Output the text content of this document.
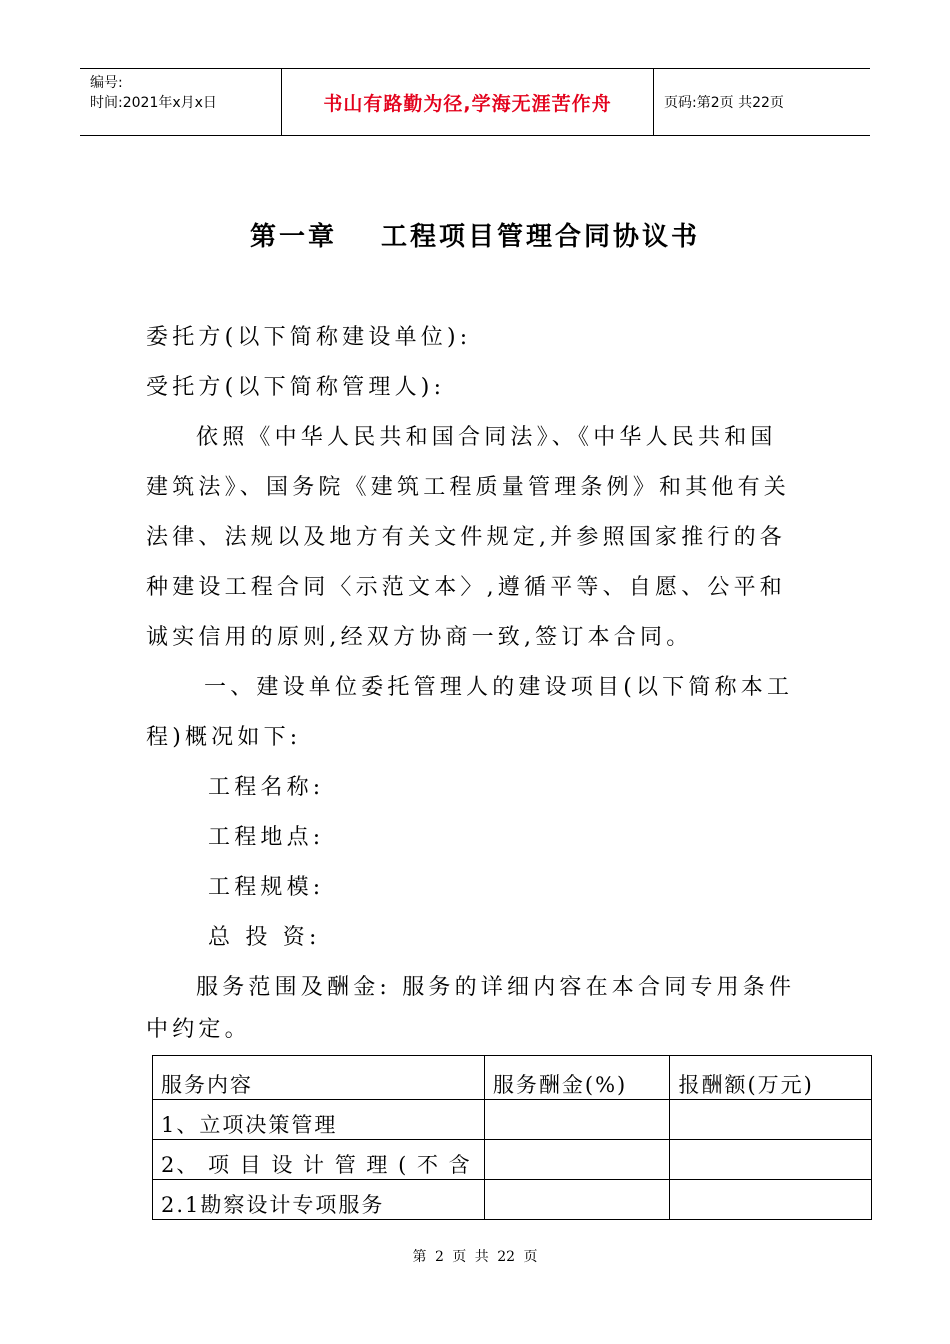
编号:
时间:2021年x月x日	书山有路勤为径,学海无涯苦作舟	页码:第2页 共22页
第一章 工程项目管理合同协议书
委托方(以下简称建设单位):
受托方(以下简称管理人):
依照《中华人民共和国合同法》、《中华人民共和国
建筑法》、国务院《建筑工程质量管理条例》和其他有关
法律、法规以及地方有关文件规定,并参照国家推行的各
种建设工程合同〈示范文本〉,遵循平等、自愿、公平和
诚实信用的原则,经双方协商一致,签订本合同。
一、建设单位委托管理人的建设项目(以下简称本工
程)概况如下:
工程名称:
工程地点:
工程规模:
总 投 资:
服务范围及酬金: 服务的详细内容在本合同专用条件
中约定。
服务内容	服务酬金(%)	报酬额(万元)
1、立项决策管理		
2、 项 目 设 计 管 理 ( 不 含		
2.1勘察设计专项服务		
第 2 页 共 22 页
